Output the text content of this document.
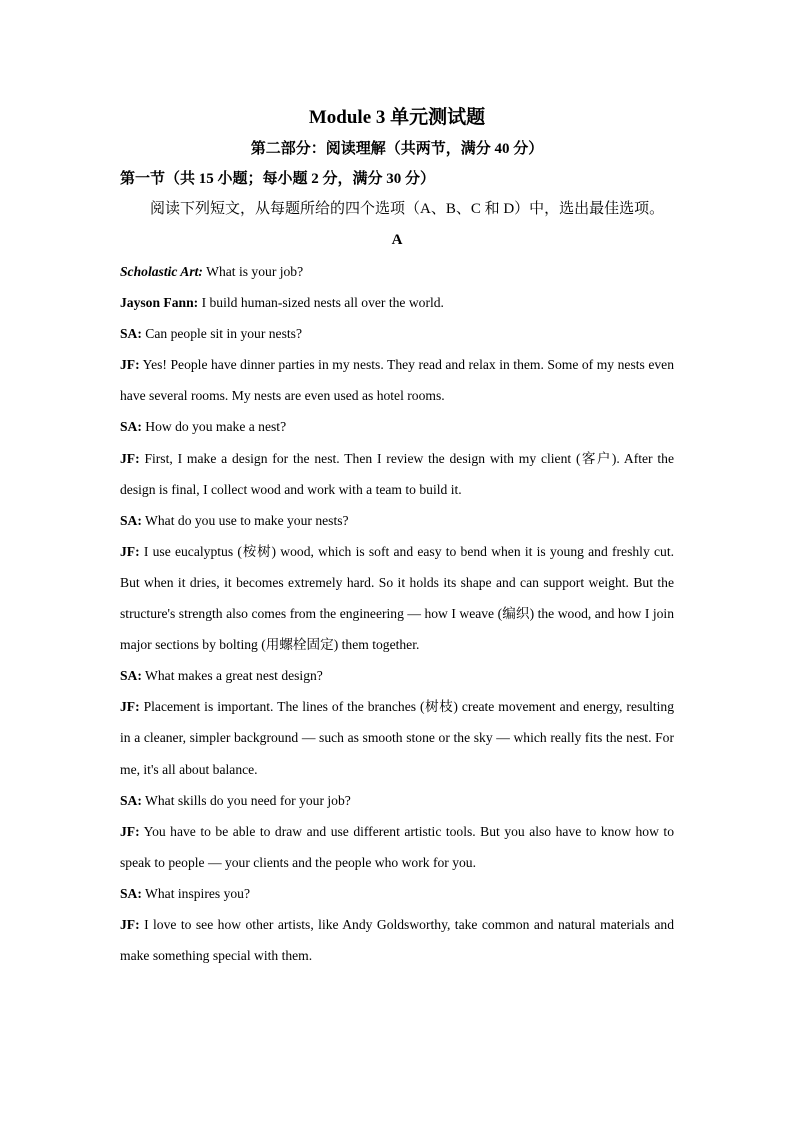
Module 3 单元测试题
第二部分：阅读理解（共两节，满分 40 分）
第一节（共 15 小题；每小题 2 分，满分 30 分）

阅读下列短文，从每题所给的四个选项（A、B、C 和 D）中，选出最佳选项。

A

Scholastic Art: What is your job?

Jayson Fann: I build human-sized nests all over the world.

SA: Can people sit in your nests?

JF: Yes! People have dinner parties in my nests. They read and relax in them. Some of my nests even have several rooms. My nests are even used as hotel rooms.

SA: How do you make a nest?

JF: First, I make a design for the nest. Then I review the design with my client (客户). After the design is final, I collect wood and work with a team to build it.

SA: What do you use to make your nests?

JF: I use eucalyptus (桉树) wood, which is soft and easy to bend when it is young and freshly cut. But when it dries, it becomes extremely hard. So it holds its shape and can support weight. But the structure's strength also comes from the engineering — how I weave (编织) the wood, and how I join major sections by bolting (用螺栓固定) them together.

SA: What makes a great nest design?

JF: Placement is important. The lines of the branches (树枝) create movement and energy, resulting in a cleaner, simpler background — such as smooth stone or the sky — which really fits the nest. For me, it's all about balance.

SA: What skills do you need for your job?

JF: You have to be able to draw and use different artistic tools. But you also have to know how to speak to people — your clients and the people who work for you.

SA: What inspires you?

JF: I love to see how other artists, like Andy Goldsworthy, take common and natural materials and make something special with them.
